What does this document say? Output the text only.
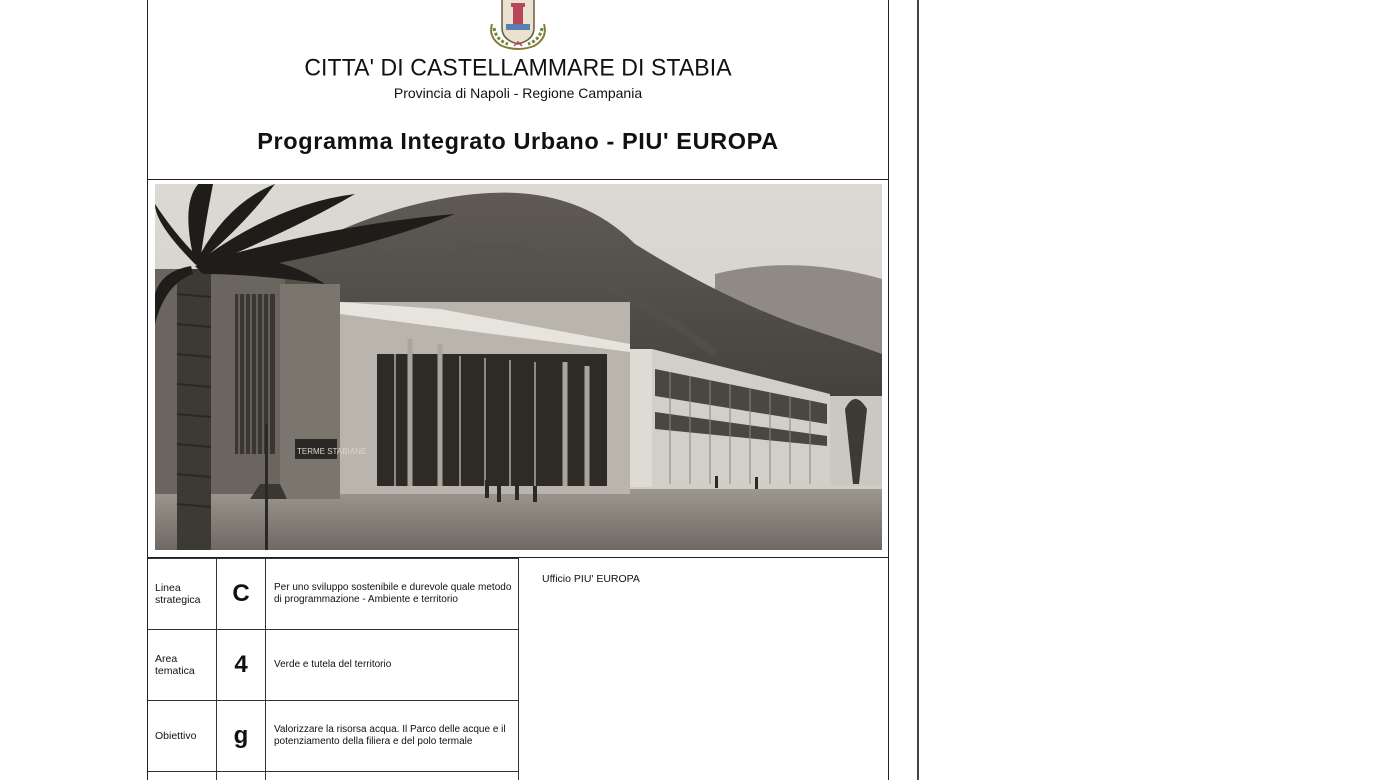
CITTA' DI CASTELLAMMARE DI STABIA
Provincia di Napoli - Regione Campania
Programma Integrato Urbano - PIU' EUROPA
TERME STABIANE
Linea strategica	C	Per uno sviluppo sostenibile e durevole quale metodo di programmazione - Ambiente e territorio
Area tematica	4	Verde e tutela del territorio
Obiettivo	g	Valorizzare la risorsa acqua. Il Parco delle acque e il potenziamento della filiera e del polo termale

Ufficio PIU' EUROPA
